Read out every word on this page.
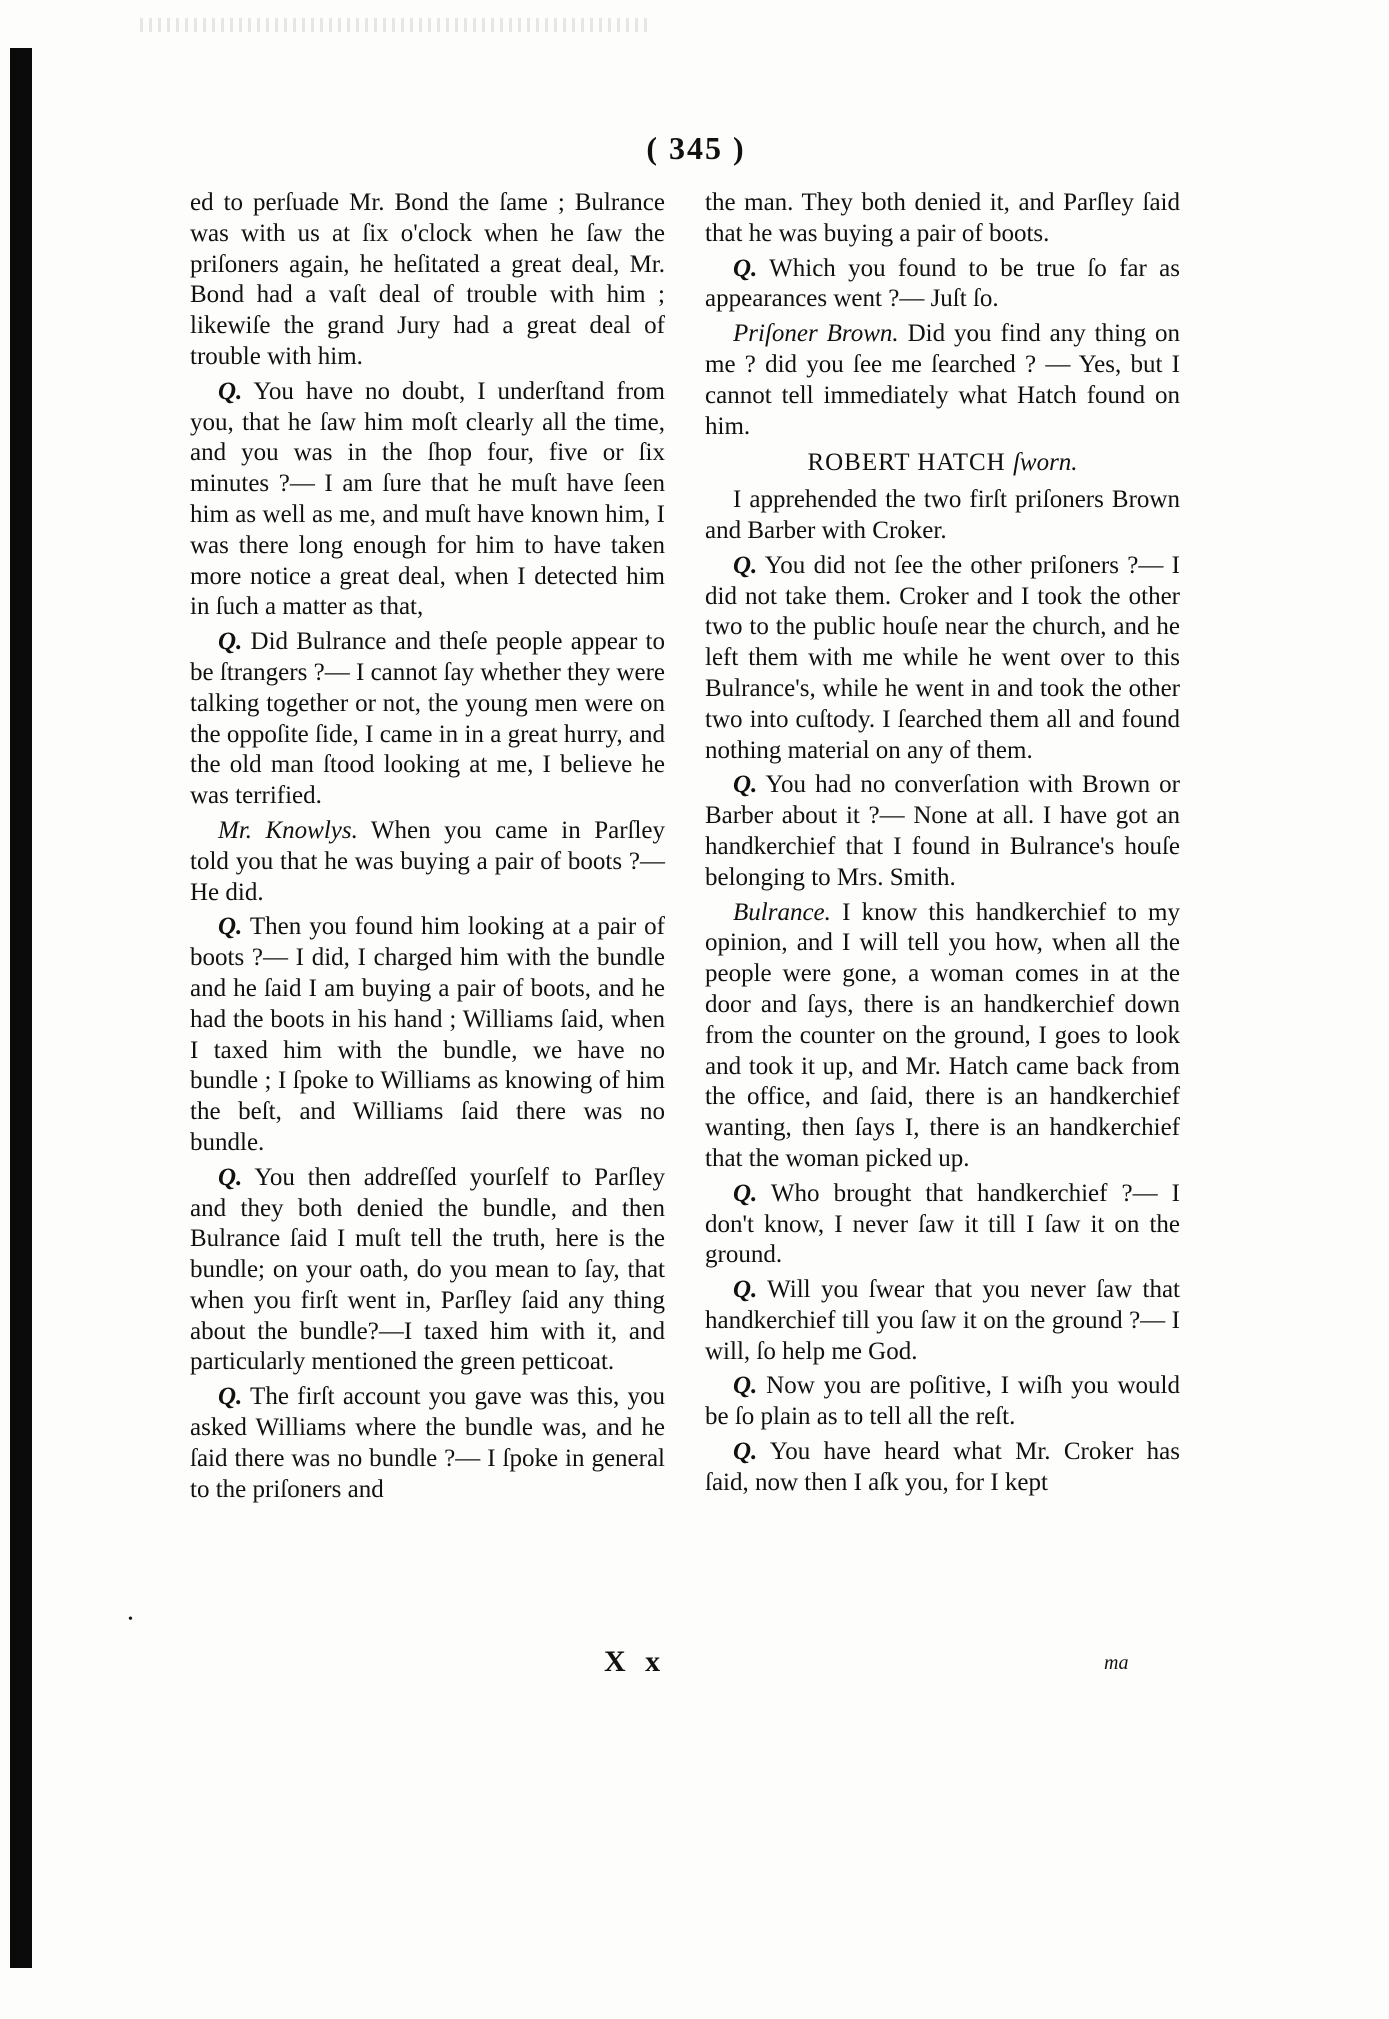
( 345 )

ed to perſuade Mr. Bond the ſame ; Bulrance was with us at ſix o'clock when he ſaw the priſoners again, he heſitated a great deal, Mr. Bond had a vaſt deal of trouble with him ; likewiſe the grand Jury had a great deal of trouble with him.

Q. You have no doubt, I underſtand from you, that he ſaw him moſt clearly all the time, and you was in the ſhop four, five or ſix minutes ?— I am ſure that he muſt have ſeen him as well as me, and muſt have known him, I was there long enough for him to have taken more notice a great deal, when I detected him in ſuch a matter as that,

Q. Did Bulrance and theſe people appear to be ſtrangers ?— I cannot ſay whether they were talking together or not, the young men were on the oppoſite ſide, I came in in a great hurry, and the old man ſtood looking at me, I believe he was terrified.

Mr. Knowlys. When you came in Parſley told you that he was buying a pair of boots ?— He did.

Q. Then you found him looking at a pair of boots ?— I did, I charged him with the bundle and he ſaid I am buying a pair of boots, and he had the boots in his hand ; Williams ſaid, when I taxed him with the bundle, we have no bundle ; I ſpoke to Williams as knowing of him the beſt, and Williams ſaid there was no bundle.

Q. You then addreſſed yourſelf to Parſley and they both denied the bundle, and then Bulrance ſaid I muſt tell the truth, here is the bundle; on your oath, do you mean to ſay, that when you firſt went in, Parſley ſaid any thing about the bundle?—I taxed him with it, and particularly mentioned the green petticoat.

Q. The firſt account you gave was this, you asked Williams where the bundle was, and he ſaid there was no bundle ?— I ſpoke in general to the priſoners and

the man. They both denied it, and Parſley ſaid that he was buying a pair of boots.

Q. Which you found to be true ſo far as appearances went ?— Juſt ſo.

Priſoner Brown. Did you find any thing on me ? did you ſee me ſearched ? — Yes, but I cannot tell immediately what Hatch found on him.

ROBERT HATCH ſworn.

I apprehended the two firſt priſoners Brown and Barber with Croker.

Q. You did not ſee the other priſoners ?— I did not take them. Croker and I took the other two to the public houſe near the church, and he left them with me while he went over to this Bulrance's, while he went in and took the other two into cuſtody. I ſearched them all and found nothing material on any of them.

Q. You had no converſation with Brown or Barber about it ?— None at all. I have got an handkerchief that I found in Bulrance's houſe belonging to Mrs. Smith.

Bulrance. I know this handkerchief to my opinion, and I will tell you how, when all the people were gone, a woman comes in at the door and ſays, there is an handkerchief down from the counter on the ground, I goes to look and took it up, and Mr. Hatch came back from the office, and ſaid, there is an handkerchief wanting, then ſays I, there is an handkerchief that the woman picked up.

Q. Who brought that handkerchief ?— I don't know, I never ſaw it till I ſaw it on the ground.

Q. Will you ſwear that you never ſaw that handkerchief till you ſaw it on the ground ?— I will, ſo help me God.

Q. Now you are poſitive, I wiſh you would be ſo plain as to tell all the reſt.

Q. You have heard what Mr. Croker has ſaid, now then I aſk you, for I kept

X x	ma
•
